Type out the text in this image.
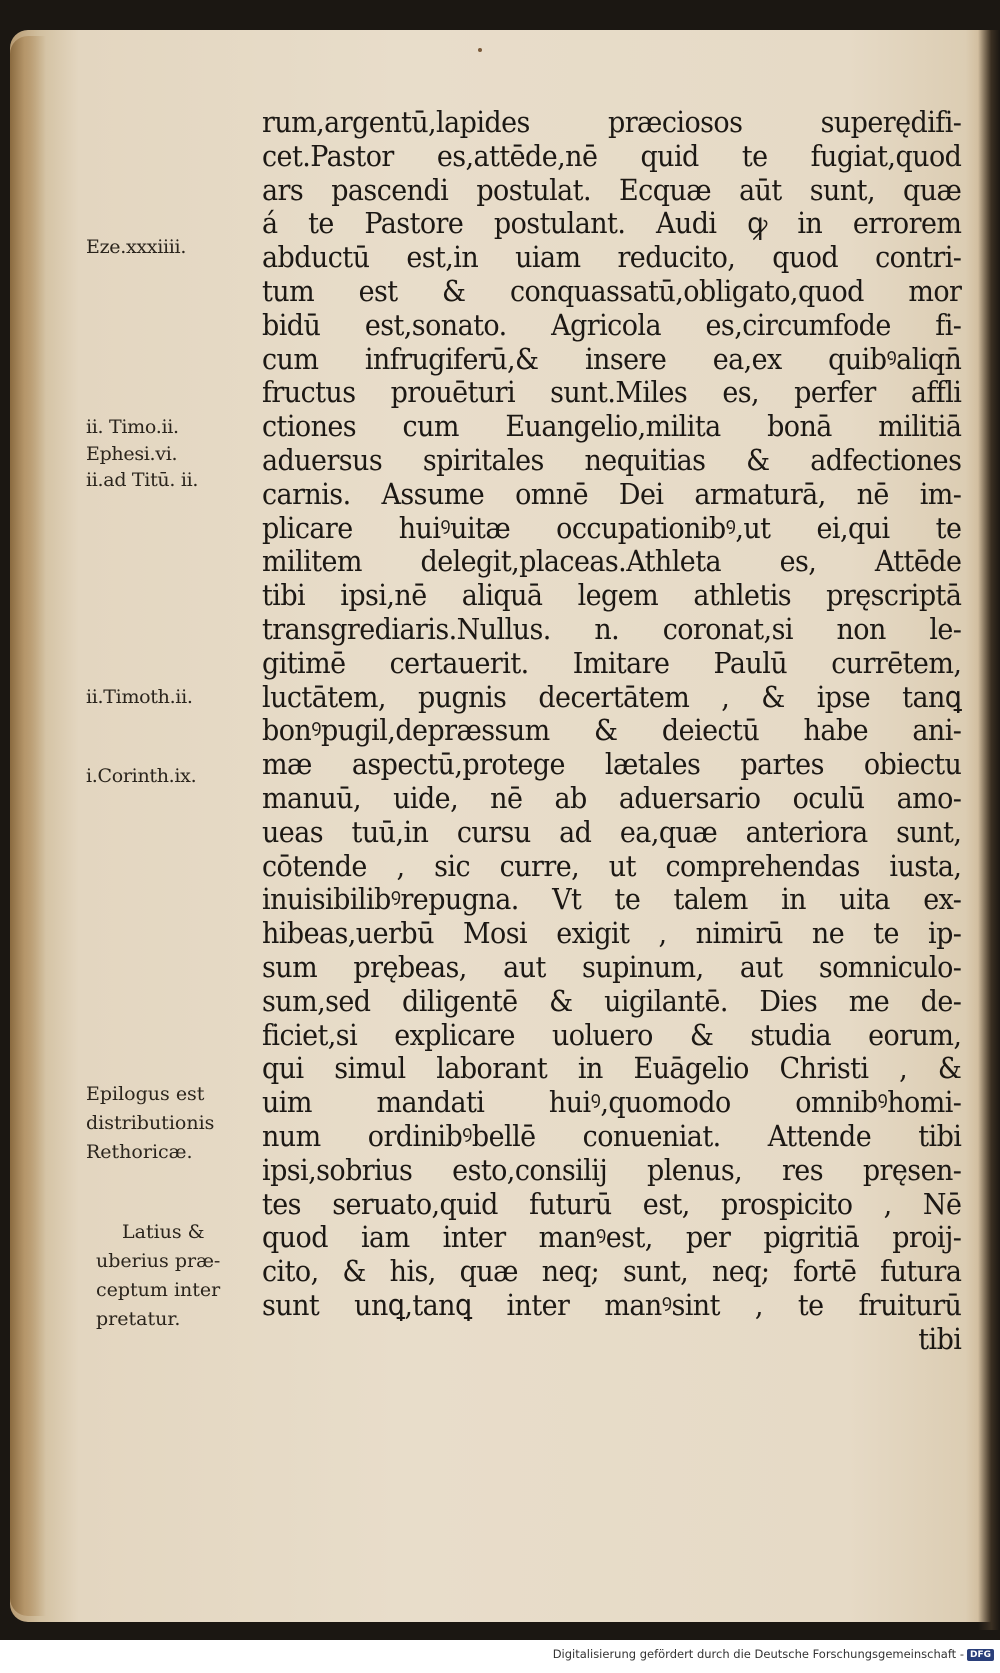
rum,argentū,lapides præciosos superędifi-
cet.Pastor es,attēde,nē quid te fugiat,quod
ars pascendi postulat. Ecquæ aūt sunt, quæ
á te Pastore postulant. Audi ꝙ in errorem
abductū est,in uiam reducito, quod contri-
tum est & conquassatū,obligato,quod mor
bidū est,sonato. Agricola es,circumfode fi-
cum infrugiferū,& insere ea,ex quibꝰaliqn̄
fructus prouēturi sunt.Miles es, perfer affli
ctiones cum Euangelio,milita bonā militiā
aduersus spiritales nequitias & adfectiones
carnis. Assume omnē Dei armaturā, nē im-
plicare huiꝰuitæ occupationibꝰ,ut ei,qui te
militem delegit,placeas.Athleta es, Attēde
tibi ipsi,nē aliquā legem athletis pręscriptā
transgrediaris.Nullus. n. coronat,si non le-
gitimē certauerit. Imitare Paulū currētem,
luctātem, pugnis decertātem , & ipse tanꝗ
bonꝰpugil,depræssum & deiectū habe ani-
mæ aspectū,protege lætales partes obiectu
manuū, uide, nē ab aduersario oculū amo-
ueas tuū,in cursu ad ea,quæ anteriora sunt,
cōtende , sic curre, ut comprehendas iusta,
inuisibilibꝰrepugna. Vt te talem in uita ex-
hibeas,uerbū Mosi exigit , nimirū ne te ip-
sum prębeas, aut supinum, aut somniculo-
sum,sed diligentē & uigilantē. Dies me de-
ficiet,si explicare uoluero & studia eorum,
qui simul laborant in Euāgelio Christi , &
uim mandati huiꝰ,quomodo omnibꝰhomi-
num ordinibꝰbellē conueniat. Attende tibi
ipsi,sobrius esto,consilij plenus, res pręsen-
tes seruato,quid futurū est, prospicito , Nē
quod iam inter manꝰest, per pigritiā proij-
cito, & his, quæ neq; sunt, neq; fortē futura
sunt unꝗ,tanꝗ inter manꝰsint , te fruiturū
tibi
Eze.xxxiiii.
ii. Timo.ii.
Ephesi.vi.
ii.ad Titū. ii.
ii.Timoth.ii.
i.Corinth.ix.
Epilogus est
distributionis
Rethoricæ.
Latius &
uberius præ-
ceptum inter
pretatur.
Digitalisierung gefördert durch die Deutsche Forschungsgemeinschaft - DFG
